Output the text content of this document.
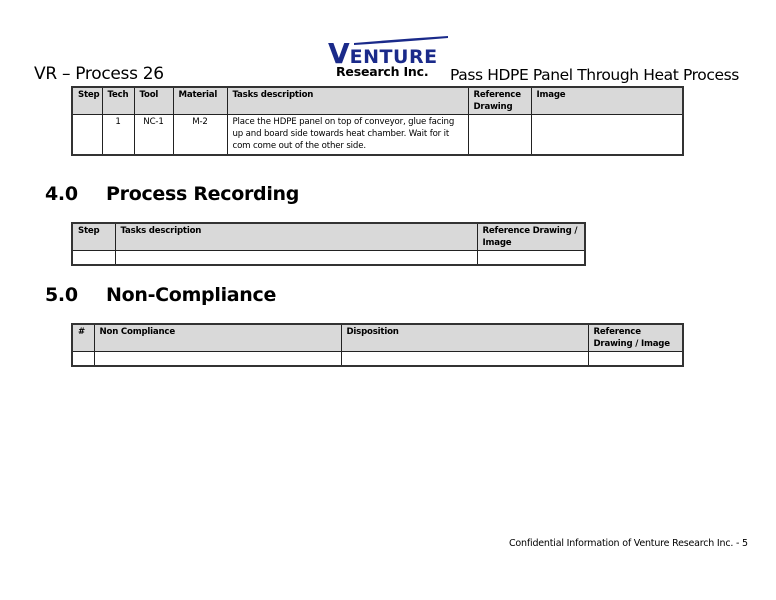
VENTURE
Research Inc.
VR – Process 26	Pass HDPE Panel Through Heat Process
Step	Tech	Tool	Material	Tasks description	Reference Drawing	Image
	1	NC-1	M-2	Place the HDPE panel on top of conveyor, glue facing up and board side towards heat chamber. Wait for it com come out of the other side.		
4.0 Process Recording
Step	Tasks description	Reference Drawing / Image

5.0 Non-Compliance
#	Non Compliance	Disposition	Reference Drawing / Image

Confidential Information of Venture Research Inc. - 5
